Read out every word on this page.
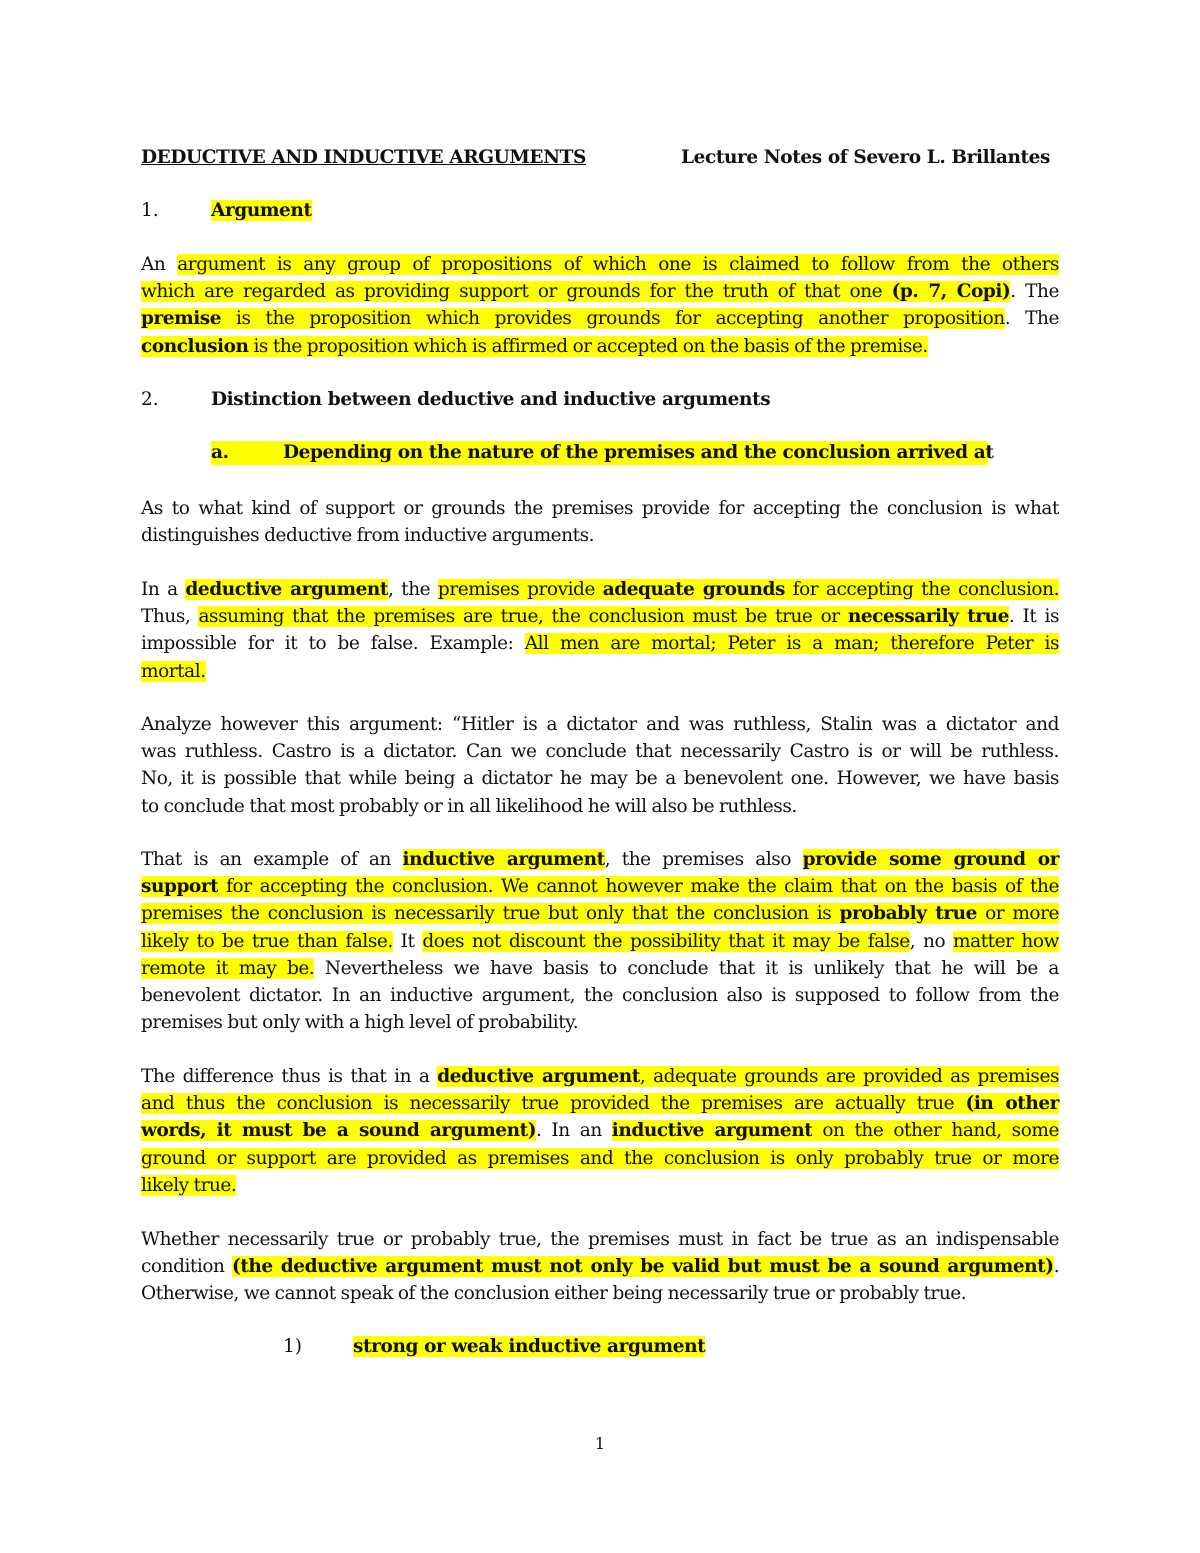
DEDUCTIVE AND INDUCTIVE ARGUMENTS	Lecture Notes of Severo L. Brillantes
1.	Argument
An argument is any group of propositions of which one is claimed to follow from the others
which are regarded as providing support or grounds for the truth of that one (p. 7, Copi). The
premise is the proposition which provides grounds for accepting another proposition. The
conclusion is the proposition which is affirmed or accepted on the basis of the premise.
2.	Distinction between deductive and inductive arguments
a.	Depending on the nature of the premises and the conclusion arrived at
As to what kind of support or grounds the premises provide for accepting the conclusion is what
distinguishes deductive from inductive arguments.
In a deductive argument, the premises provide adequate grounds for accepting the conclusion.
Thus, assuming that the premises are true, the conclusion must be true or necessarily true. It is
impossible for it to be false. Example: All men are mortal; Peter is a man; therefore Peter is
mortal.
Analyze however this argument: “Hitler is a dictator and was ruthless, Stalin was a dictator and
was ruthless. Castro is a dictator. Can we conclude that necessarily Castro is or will be ruthless.
No, it is possible that while being a dictator he may be a benevolent one. However, we have basis
to conclude that most probably or in all likelihood he will also be ruthless.
That is an example of an inductive argument, the premises also provide some ground or
support for accepting the conclusion. We cannot however make the claim that on the basis of the
premises the conclusion is necessarily true but only that the conclusion is probably true or more
likely to be true than false. It does not discount the possibility that it may be false, no matter how
remote it may be. Nevertheless we have basis to conclude that it is unlikely that he will be a
benevolent dictator. In an inductive argument, the conclusion also is supposed to follow from the
premises but only with a high level of probability.
The difference thus is that in a deductive argument, adequate grounds are provided as premises
and thus the conclusion is necessarily true provided the premises are actually true (in other
words, it must be a sound argument). In an inductive argument on the other hand, some
ground or support are provided as premises and the conclusion is only probably true or more
likely true.
Whether necessarily true or probably true, the premises must in fact be true as an indispensable
condition (the deductive argument must not only be valid but must be a sound argument).
Otherwise, we cannot speak of the conclusion either being necessarily true or probably true.
1)	strong or weak inductive argument
1
